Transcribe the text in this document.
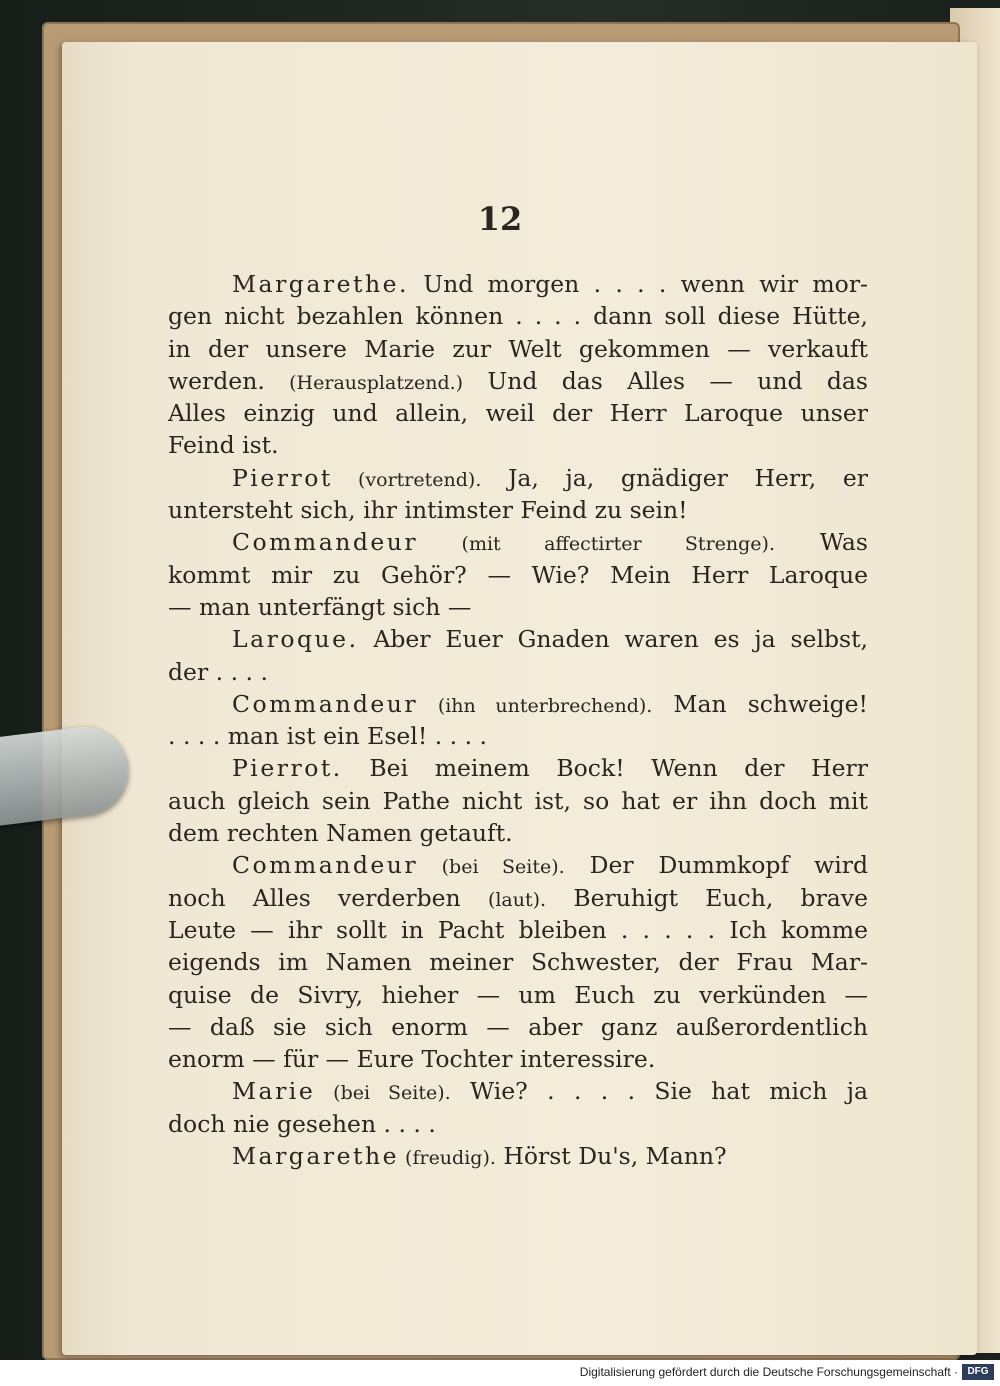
12
Margarethe. Und morgen . . . . wenn wir mor-
gen nicht bezahlen können . . . . dann soll diese Hütte,
in der unsere Marie zur Welt gekommen — verkauft
werden. (Herausplatzend.) Und das Alles — und das
Alles einzig und allein, weil der Herr Laroque unser
Feind ist.
Pierrot (vortretend). Ja, ja, gnädiger Herr, er
untersteht sich, ihr intimster Feind zu sein!
Commandeur (mit affectirter Strenge). Was
kommt mir zu Gehör? — Wie? Mein Herr Laroque
— man unterfängt sich —
Laroque. Aber Euer Gnaden waren es ja selbst,
der . . . .
Commandeur (ihn unterbrechend). Man schweige!
. . . . man ist ein Esel! . . . .
Pierrot. Bei meinem Bock! Wenn der Herr
auch gleich sein Pathe nicht ist, so hat er ihn doch mit
dem rechten Namen getauft.
Commandeur (bei Seite). Der Dummkopf wird
noch Alles verderben (laut). Beruhigt Euch, brave
Leute — ihr sollt in Pacht bleiben . . . . . Ich komme
eigends im Namen meiner Schwester, der Frau Mar-
quise de Sivry, hieher — um Euch zu verkünden —
— daß sie sich enorm — aber ganz außerordentlich
enorm — für — Eure Tochter interessire.
Marie (bei Seite). Wie? . . . . Sie hat mich ja
doch nie gesehen . . . .
Margarethe (freudig). Hörst Du's, Mann?
Digitalisierung gefördert durch die Deutsche Forschungsgemeinschaft · DFG
